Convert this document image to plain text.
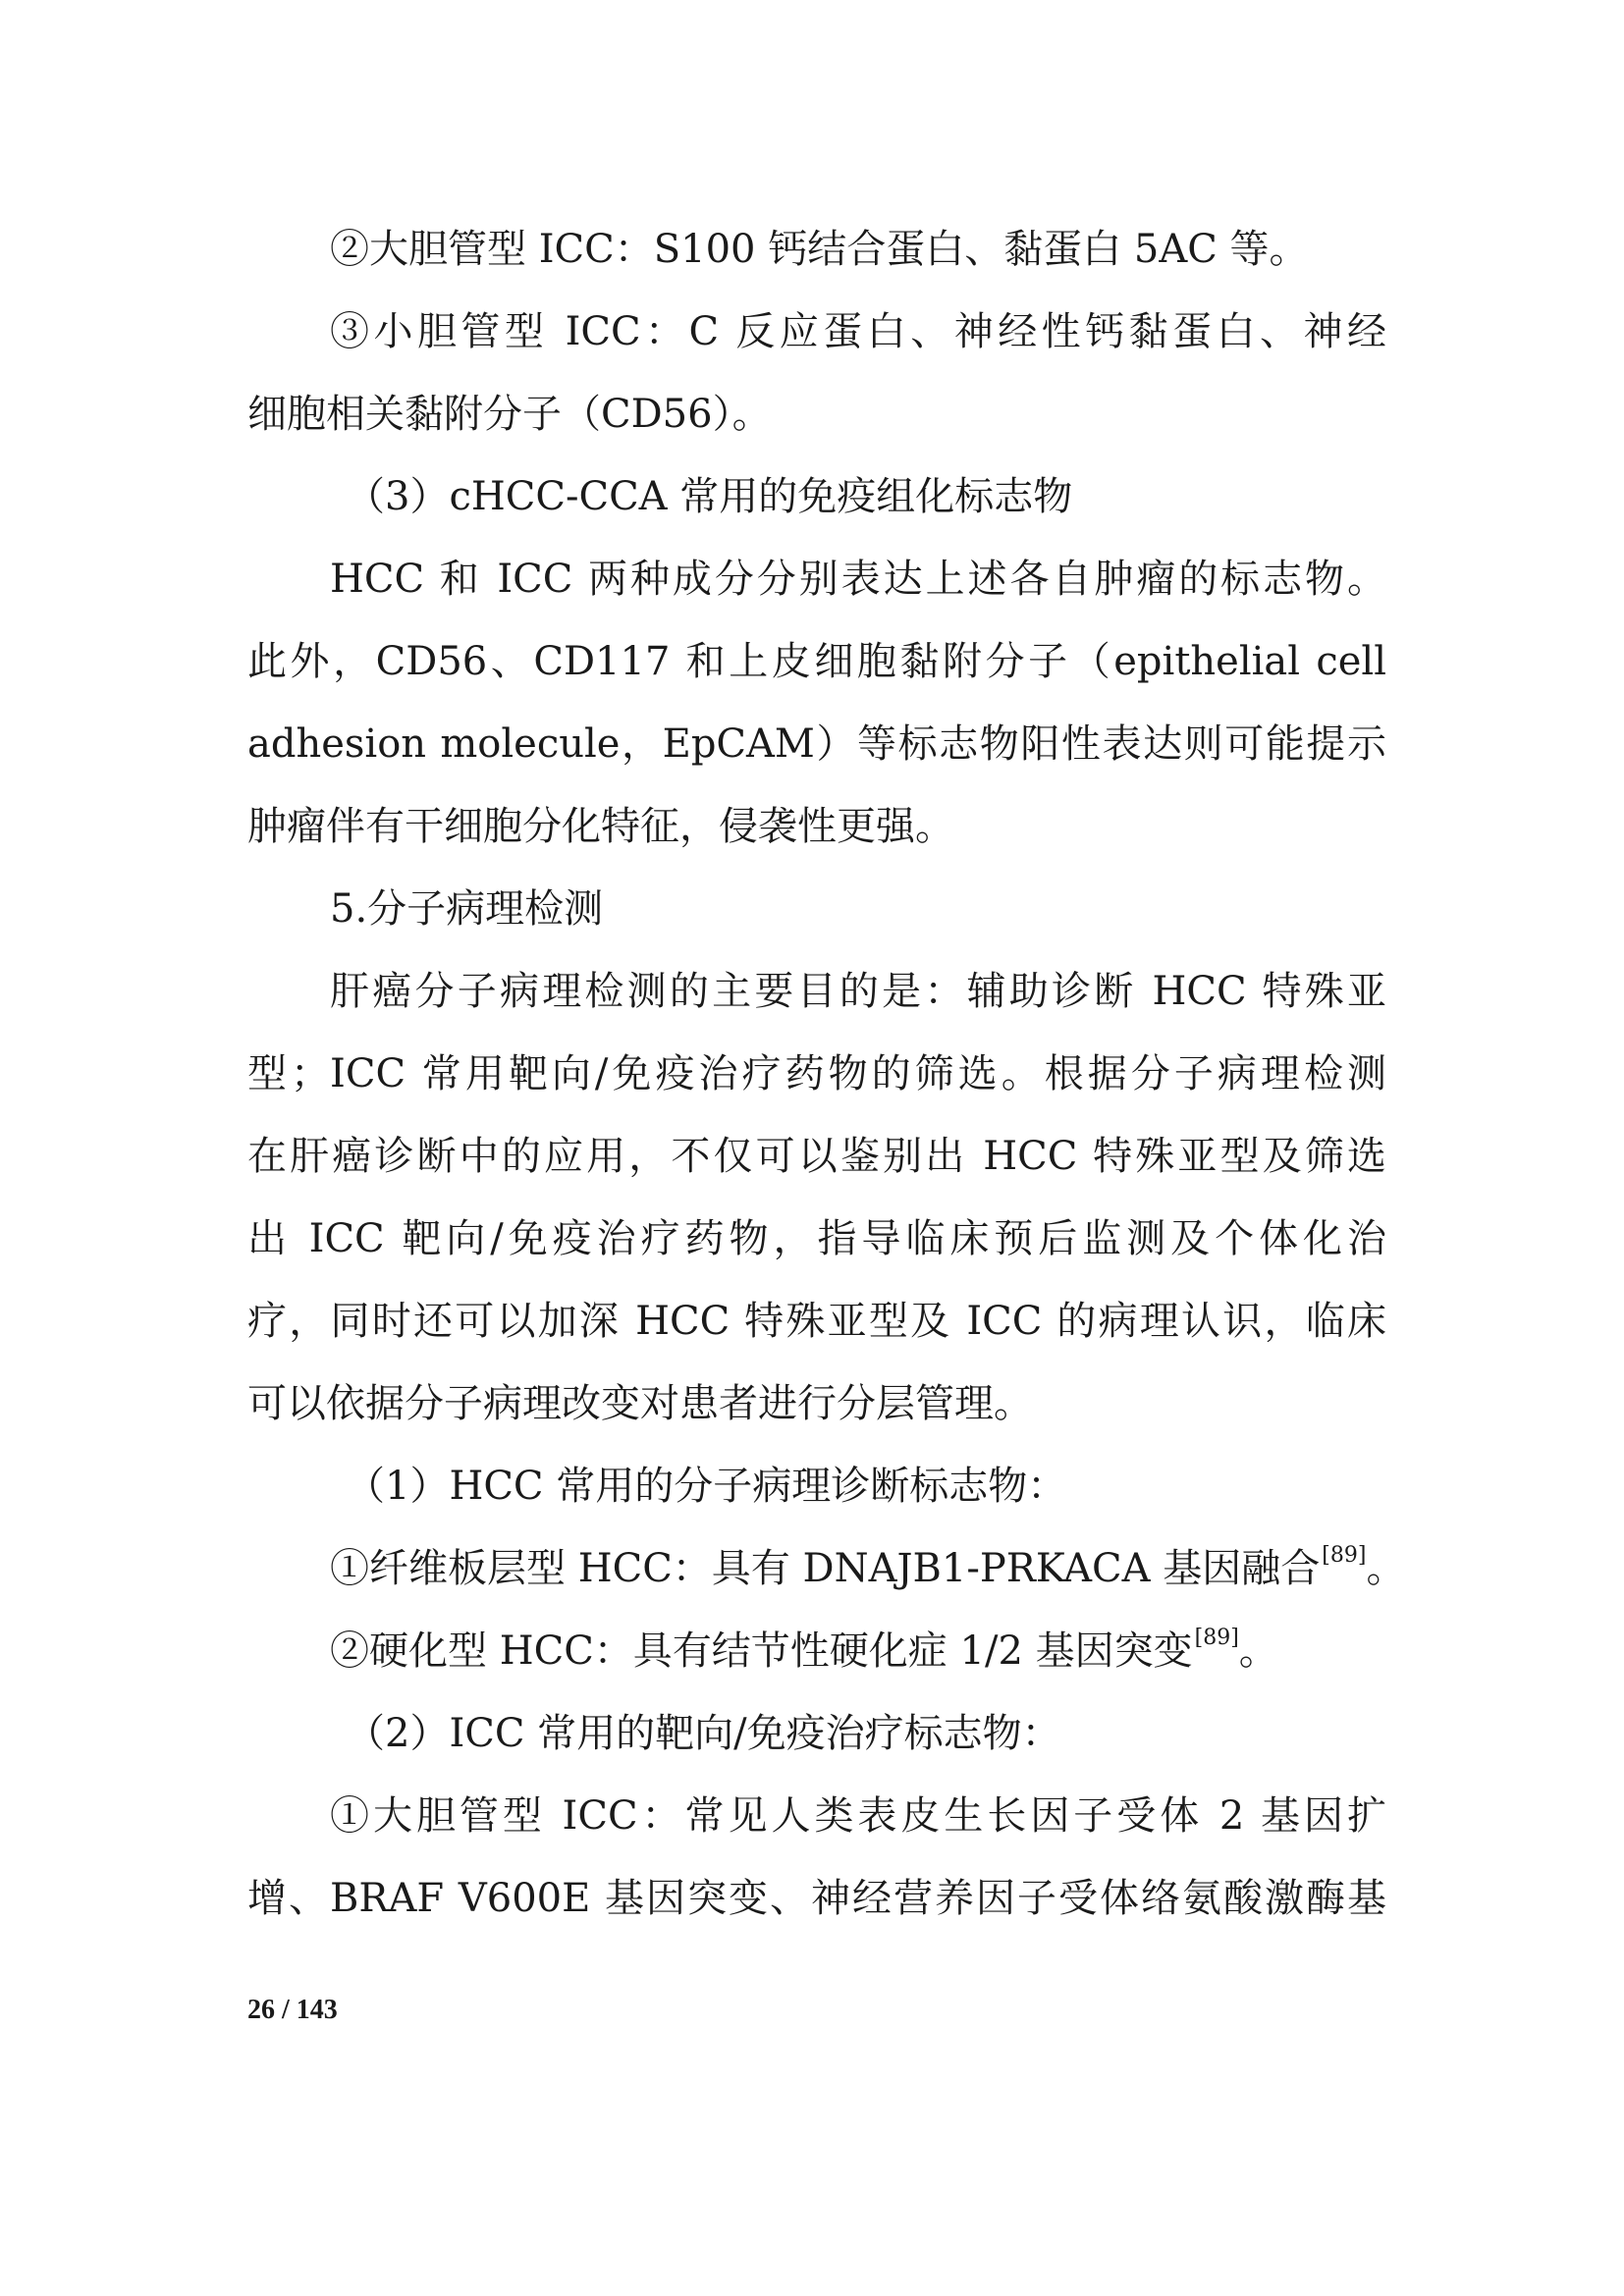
②大胆管型 ICC：S100 钙结合蛋白、黏蛋白 5AC 等。
③小胆管型 ICC：C 反应蛋白、神经性钙黏蛋白、神经
细胞相关黏附分子（CD56）。
（3）cHCC-CCA 常用的免疫组化标志物
HCC 和 ICC 两种成分分别表达上述各自肿瘤的标志物。
此外，CD56、CD117 和上皮细胞黏附分子（epithelial cell
adhesion molecule，EpCAM）等标志物阳性表达则可能提示
肿瘤伴有干细胞分化特征，侵袭性更强。
5.分子病理检测
肝癌分子病理检测的主要目的是：辅助诊断 HCC 特殊亚
型；ICC 常用靶向/免疫治疗药物的筛选。根据分子病理检测
在肝癌诊断中的应用，不仅可以鉴别出 HCC 特殊亚型及筛选
出 ICC 靶向/免疫治疗药物，指导临床预后监测及个体化治
疗，同时还可以加深 HCC 特殊亚型及 ICC 的病理认识，临床
可以依据分子病理改变对患者进行分层管理。
（1）HCC 常用的分子病理诊断标志物：
①纤维板层型 HCC：具有 DNAJB1-PRKACA 基因融合[89]。
②硬化型 HCC：具有结节性硬化症 1/2 基因突变[89]。
（2）ICC 常用的靶向/免疫治疗标志物：
①大胆管型 ICC：常见人类表皮生长因子受体 2 基因扩
增、BRAF V600E 基因突变、神经营养因子受体络氨酸激酶基
26 / 143
